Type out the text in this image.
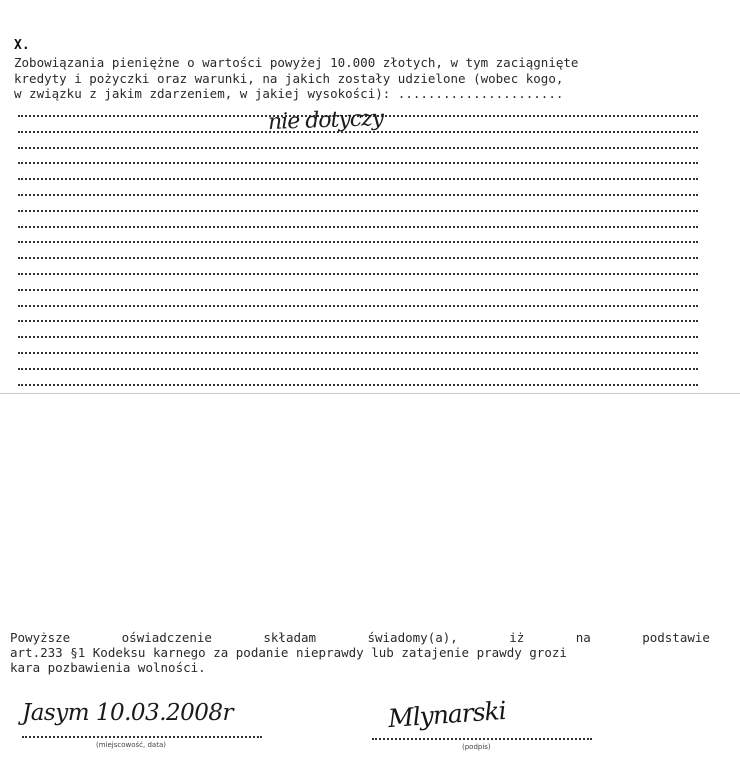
X.
Zobowiązania pieniężne o wartości powyżej 10.000 złotych, w tym zaciągnięte
kredyty i pożyczki oraz warunki, na jakich zostały udzielone (wobec kogo,
w związku z jakim zdarzeniem, w jakiej wysokości): ......................
nie dotyczy
Powyższe	oświadczenie	składam	świadomy(a),	iż	na	podstawie
art.233 §1 Kodeksu karnego za podanie nieprawdy lub zatajenie prawdy grozi
kara pozbawienia wolności.
Jasym 10.03.2008r
(miejscowość, data)
Mlynarski
(podpis)
